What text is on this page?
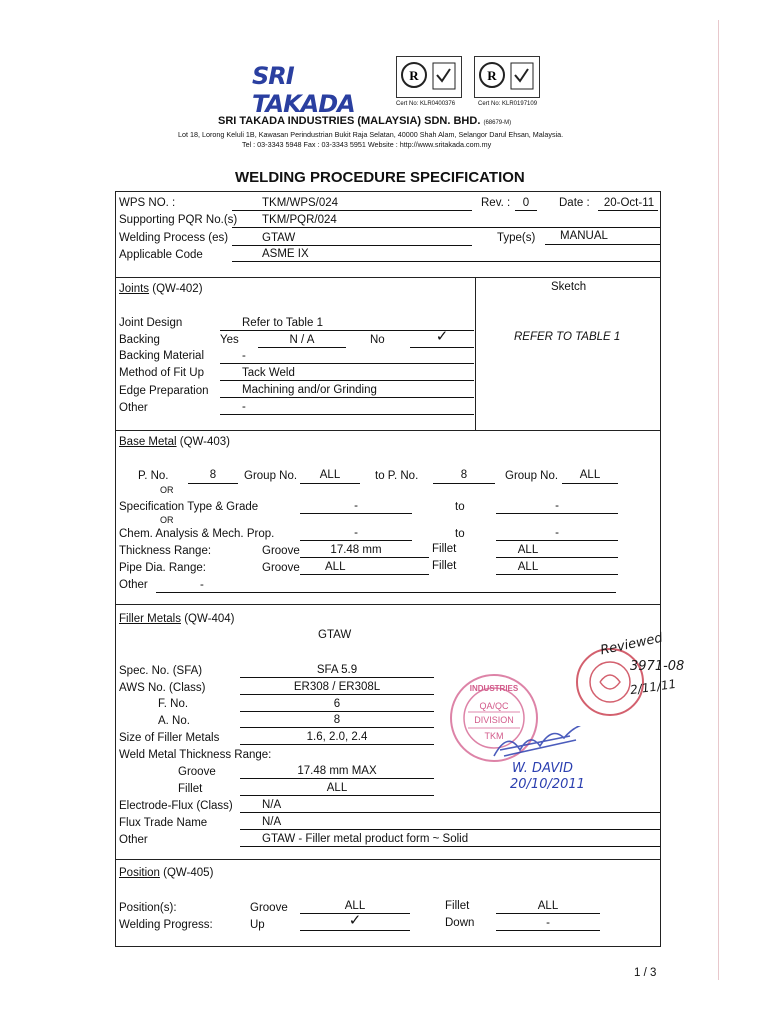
SRI TAKADA
R	R
Cert No: KLR0400376	Cert No: KLR0197109
SRI TAKADA INDUSTRIES (MALAYSIA) SDN. BHD. (68679-M)
Lot 18, Lorong Keluli 1B, Kawasan Perindustrian Bukit Raja Selatan, 40000 Shah Alam, Selangor Darul Ehsan, Malaysia.
Tel : 03-3343 5948 Fax : 03-3343 5951 Website : http://www.sritakada.com.my
WELDING PROCEDURE SPECIFICATION
WPS NO. :	TKM/WPS/024	Rev. :	0	Date :	20-Oct-11
Supporting PQR No.(s) TKM/PQR/024
Welding Process (es)	GTAW	Type(s) MANUAL
Applicable Code	ASME IX
Joints (QW-402)	Sketch
REFER TO TABLE 1
Joint Design	Refer to Table 1
Backing	Yes	N / A	No	✓
Backing Material	-
Method of Fit Up	Tack Weld
Edge Preparation	Machining and/or Grinding
Other	-
Base Metal (QW-403)
P. No.	8	Group No.	ALL	to P. No.	8	Group No.	ALL
OR
Specification Type & Grade	-	to	-
OR
Chem. Analysis & Mech. Prop.	-	to	-
Thickness Range:	Groove	17.48 mm	Fillet	ALL
Pipe Dia. Range:	Groove ALL	Fillet	ALL
Other	-
Filler Metals (QW-404)
GTAW
Spec. No. (SFA)	SFA 5.9
AWS No. (Class)	ER308 / ER308L
F. No.	6
A. No.	8
Size of Filler Metals	1.6, 2.0, 2.4
Weld Metal Thickness Range:
Groove	17.48 mm MAX
Fillet	ALL
Electrode-Flux (Class)	N/A
Flux Trade Name	N/A
Other	GTAW - Filler metal product form ~ Solid
Position (QW-405)
Position(s):	Groove	ALL	Fillet	ALL
Welding Progress:	Up	✓	Down	-
INDUSTRIES
QA/QC
DIVISION
TKM
Reviewed
3971-08
2/11/11
W. DAVID
20/10/2011
1 / 3
